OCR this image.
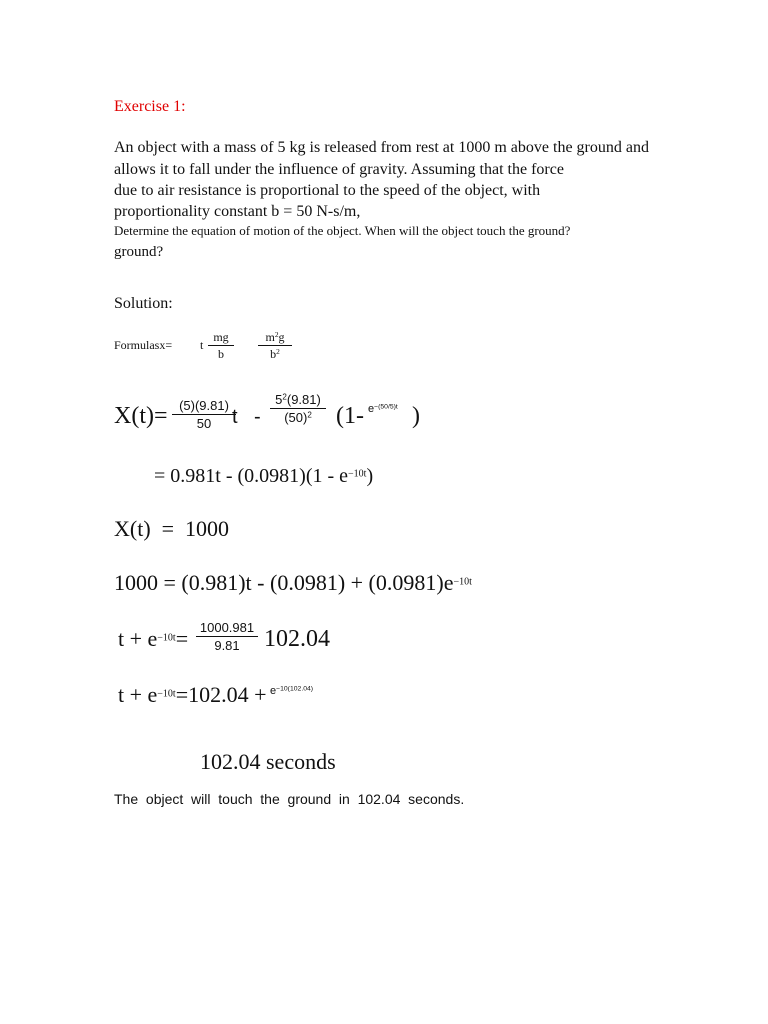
Exercise 1:
An object with a mass of 5 kg is released from rest at 1000 m above the ground and
allows it to fall under the influence of gravity. Assuming that the force
due to air resistance is proportional to the speed of the object, with
proportionality constant b = 50 N-s/m,
Determine the equation of motion of the object. When will the object touch the ground?
ground?
Solution:
Formulasx= t
mg
b
$m^2g$
$b^2$
X(t)= (5)(9.81)
50	t -
$5^2(9.81)$
$(50)^2$	(1- $e^{-(50/5)t}$ )
= $0.981t - (0.0981)(1 - e^{-10t})$
X(t)  =  1000
$1000 = (0.981)t - (0.0981) + (0.0981)e^{-10t}$
$t + e^{-10t}= 1000.981$
9.81	102.04
$t + e^{-10t}=102.04 + e^{-10(102.04)}$
102.04 seconds
The  object  will  touch  the  ground  in  102.04  seconds.
